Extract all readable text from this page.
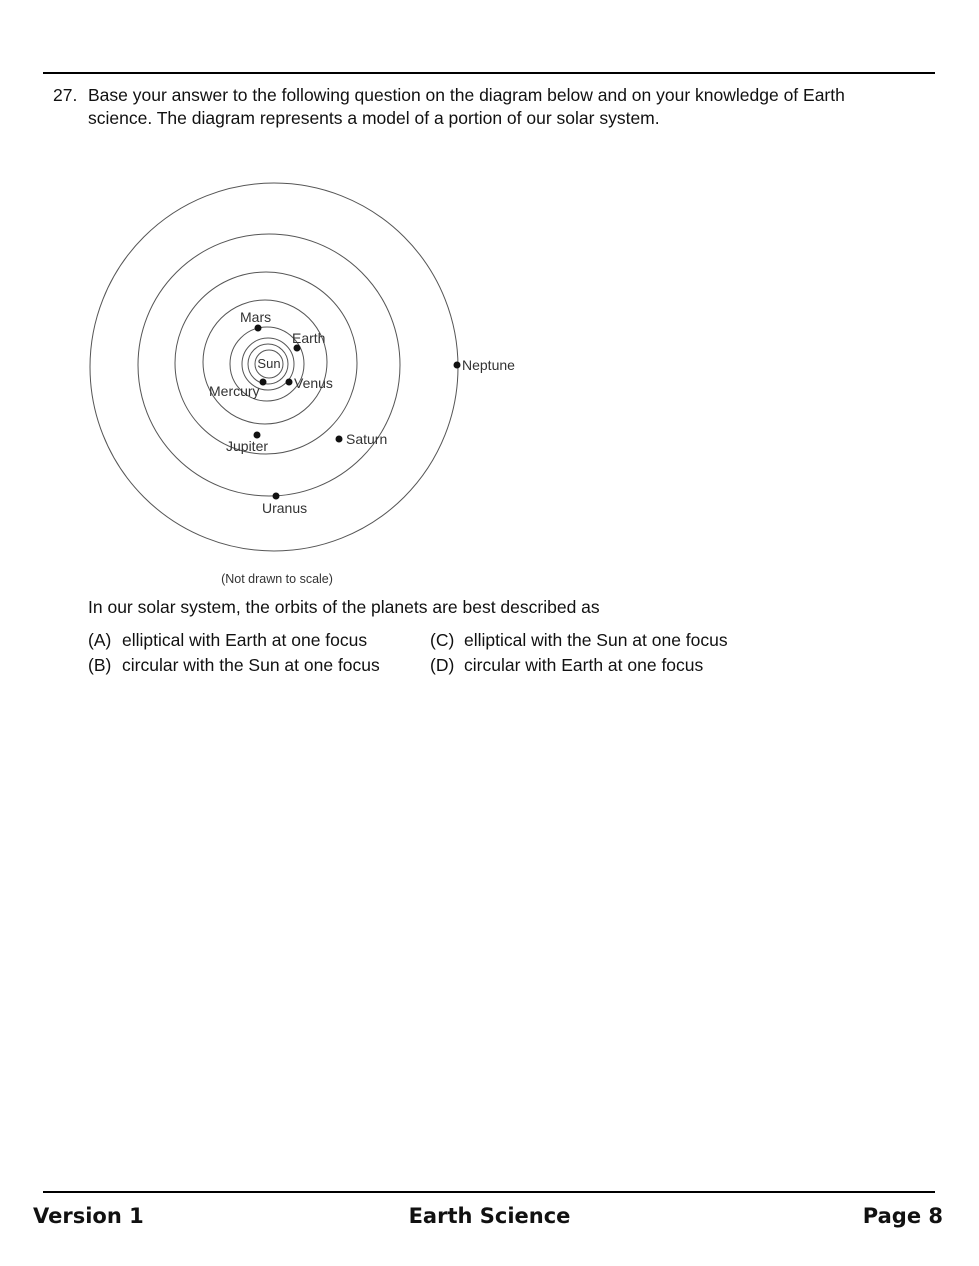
27. Base your answer to the following question on the diagram below and on your knowledge of Earth science. The diagram represents a model of a portion of our solar system.
Sun
Mars
Earth
Venus
Mercury
Jupiter	Saturn
Uranus
Neptune
(Not drawn to scale)
In our solar system, the orbits of the planets are best described as
(A) elliptical with Earth at one focus
(B) circular with the Sun at one focus
(C) elliptical with the Sun at one focus
(D) circular with Earth at one focus
Version 1	Earth Science	Page 8
